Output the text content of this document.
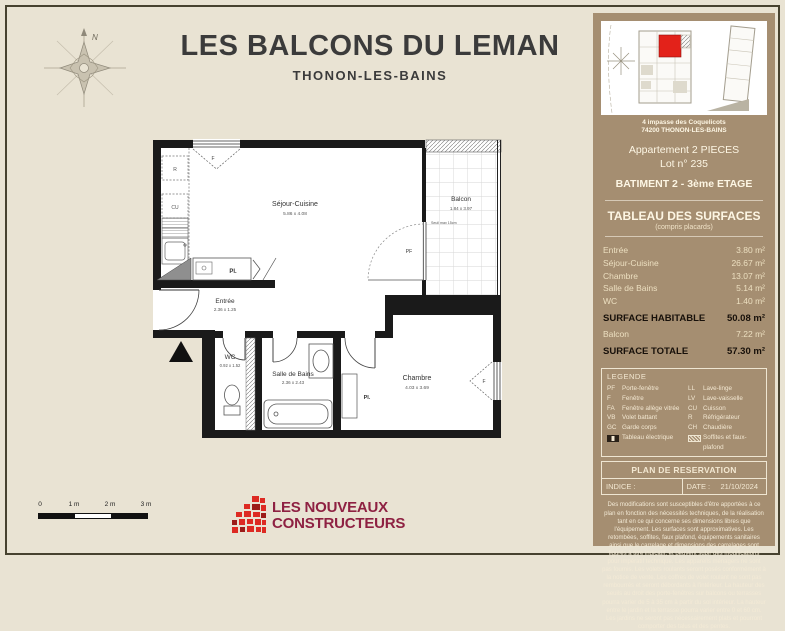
N	LES BALCONS DU LEMAN
THONON-LES-BAINS
F
PF
R
CU
Pl.
Pl.
F
Séjour-Cuisine
5.86 x 4.08
Balcon
1.84 x 3.97
Seuil max 15cm
Entrée
2.36 x 1.25
WC
0.92 x 1.52
Salle de Bains
2.36 x 2.43
Chambre
4.03 x 3.69
4 impasse des Coquelicots
74200 THONON-LES-BAINS
Appartement 2 PIECES
Lot n° 235
BATIMENT 2 - 3ème ETAGE
TABLEAU DES SURFACES
(compris placards)
Entrée	3.80 m²
Séjour-Cuisine	26.67 m²
Chambre	13.07 m²
Salle de Bains	5.14 m²
WC	1.40 m²
SURFACE HABITABLE 50.08 m²
Balcon	7.22 m²
SURFACE TOTALE	57.30 m²
LEGENDE
PF	Porte-fenêtre	LL	Lave-linge
F	Fenêtre	LV	Lave-vaisselle
FA	Fenêtre allège vitrée	CU Cuisson
VB	Volet battant	R	Réfrigérateur
GC Garde corps	CH Chaudière
Tableau électrique	Soffites et faux-plafond
PLAN DE RESERVATION
INDICE :	DATE : 21/10/2024
Des modifications sont susceptibles d'être apportées à ce plan en fonction des nécessités techniques, de la réalisation tant en ce qui concerne ses dimensions libres que l'équipement. Les surfaces sont approximatives. Les retombées, soffites, faux plafond, équipements sanitaires ainsi que le carrelage et dimensions des carrelages sont figurés à titre indicatif, et peuvent subir des modifications pour impératif technique. Les appareils ménagers ne sont pas fournis. Les volets roulants seront posés conformément à la notice de vente. Les coffres de volet roulant ne sont pas rembourrés et seront débordants à l'intérieur. La hauteur des seuils au droit des porte-fenêtres sur balcons ou terrasses pourra varier de 5 à 35 cm à partir du sol intérieur. La hauteur entre le jardin et la terrasse pourra varier entre 0 et 60 cm. Les jardins ne seront pas nécessairement plats et pourront comporter des talus et des pentes.
0	1 m	2 m	3 m	LES NOUVEAUX
CONSTRUCTEURS
